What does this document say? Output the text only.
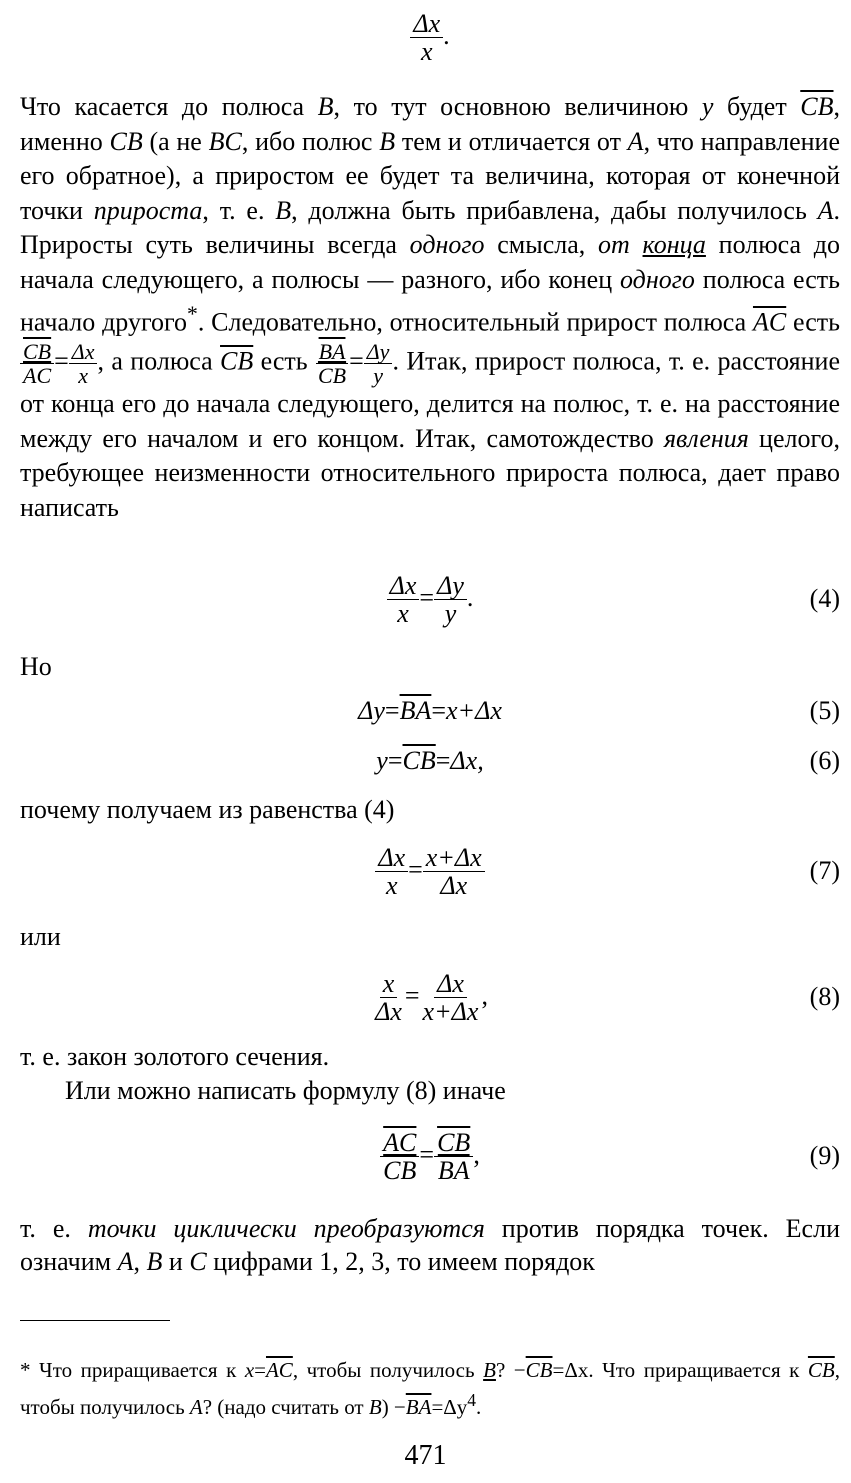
$\frac{\Delta x}{x}$ .

Что касается до полюса B, то тут основною величиною y будет $\overline{CB}$, именно CB (а не BC, ибо полюс B тем и отличается от A, что направление его обратное), а приростом ее будет та величина, которая от конечной точки прироста, т. е. B, должна быть прибавлена, дабы получилось A. Приросты суть величины всегда одного смысла, от конца полюса до начала следующего, а полюсы — разного, ибо конец одного полюса есть начало другого*. Следовательно, относительный прирост полюса $\overline{AC}$ есть
$\frac{\overline{CB}}{AC} = \frac{\Delta x}{x}$ , а полюса $\overline{CB}$ есть $\frac{\overline{BA}}{CB} = \frac{\Delta y}{y}$ . Итак, прирост полюса, т. е. расстояние от конца его до начала следующего, делится на полюс, т. е. на расстояние между его началом и его концом. Итак, самотождество явления целого, требующее неизменности относительного прироста полюса, дает право написать

$\frac{\Delta x}{x} = \frac{\Delta y}{y}$ .	(4)

Но

$\Delta y=\overline{BA}=x+\Delta x$	(5)
$y=\overline{CB}=\Delta x$,	(6)

почему получаем из равенства (4)

$\frac{\Delta x}{x} = \frac{x+\Delta x}{\Delta x}$	(7)

или

$\frac{x}{\Delta x} = \frac{\Delta x}{x+\Delta x}$ ,	(8)

т. е. закон золотого сечения.

Или можно написать формулу (8) иначе

$\frac{\overline{AC}}{CB} = \frac{\overline{CB}}{BA}$ ,	(9)

т. е. точки циклически преобразуются против порядка точек. Если означим A, B и C цифрами 1, 2, 3, то имеем порядок

* Что приращивается к $x=\overline{AC}$, чтобы получилось B? $-\overline{CB}=\Delta x$. Что приращивается к $\overline{CB}$, чтобы получилось A? (надо считать от $B) -\overline{BA}=\Delta y^4$.

471
